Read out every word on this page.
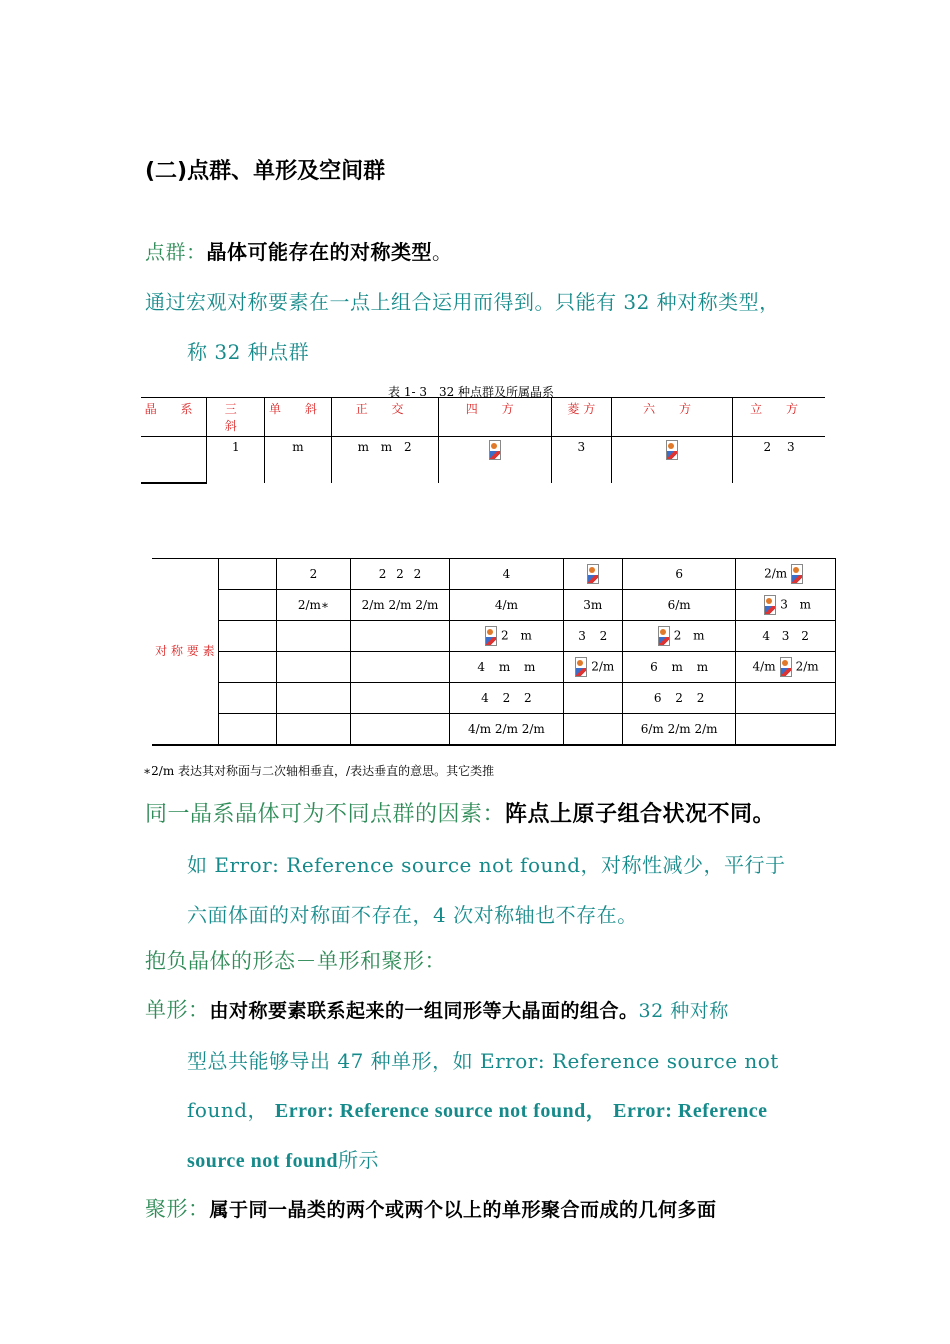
(二)点群、单形及空间群
点群：晶体可能存在的对称类型。
通过宏观对称要素在一点上组合运用而得到。只能有 32 种对称类型，
称 32 种点群
表 1- 3　32 种点群及所属晶系
晶 系	三 斜	单 斜	正 交	四 方	菱 方	六 方	立 方
	1	m	m m 2		3		2 3
对 称 要 素		2	2 2 2	4		6	2/m
		2/m∗	2/m 2/m 2/m	4/m	3m	6/m	3 m
				2 m	3 2	2 m	4 3 2
				4 m m	2/m	6 m m	4/m 2/m
				4 2 2		6 2 2	
				4/m 2/m 2/m		6/m 2/m 2/m	
∗2/m 表达其对称面与二次轴相垂直，/表达垂直的意思。其它类推
同一晶系晶体可为不同点群的因素：阵点上原子组合状况不同。
如 Error: Reference source not found，对称性减少，平行于
六面体面的对称面不存在，4 次对称轴也不存在。
抱负晶体的形态－单形和聚形：
单形：由对称要素联系起来的一组同形等大晶面的组合。32 种对称
型总共能够导出 47 种单形，如 Error: Reference source not
found， Error: Reference source not found， Error: Reference
source not found所示
聚形：属于同一晶类的两个或两个以上的单形聚合而成的几何多面
